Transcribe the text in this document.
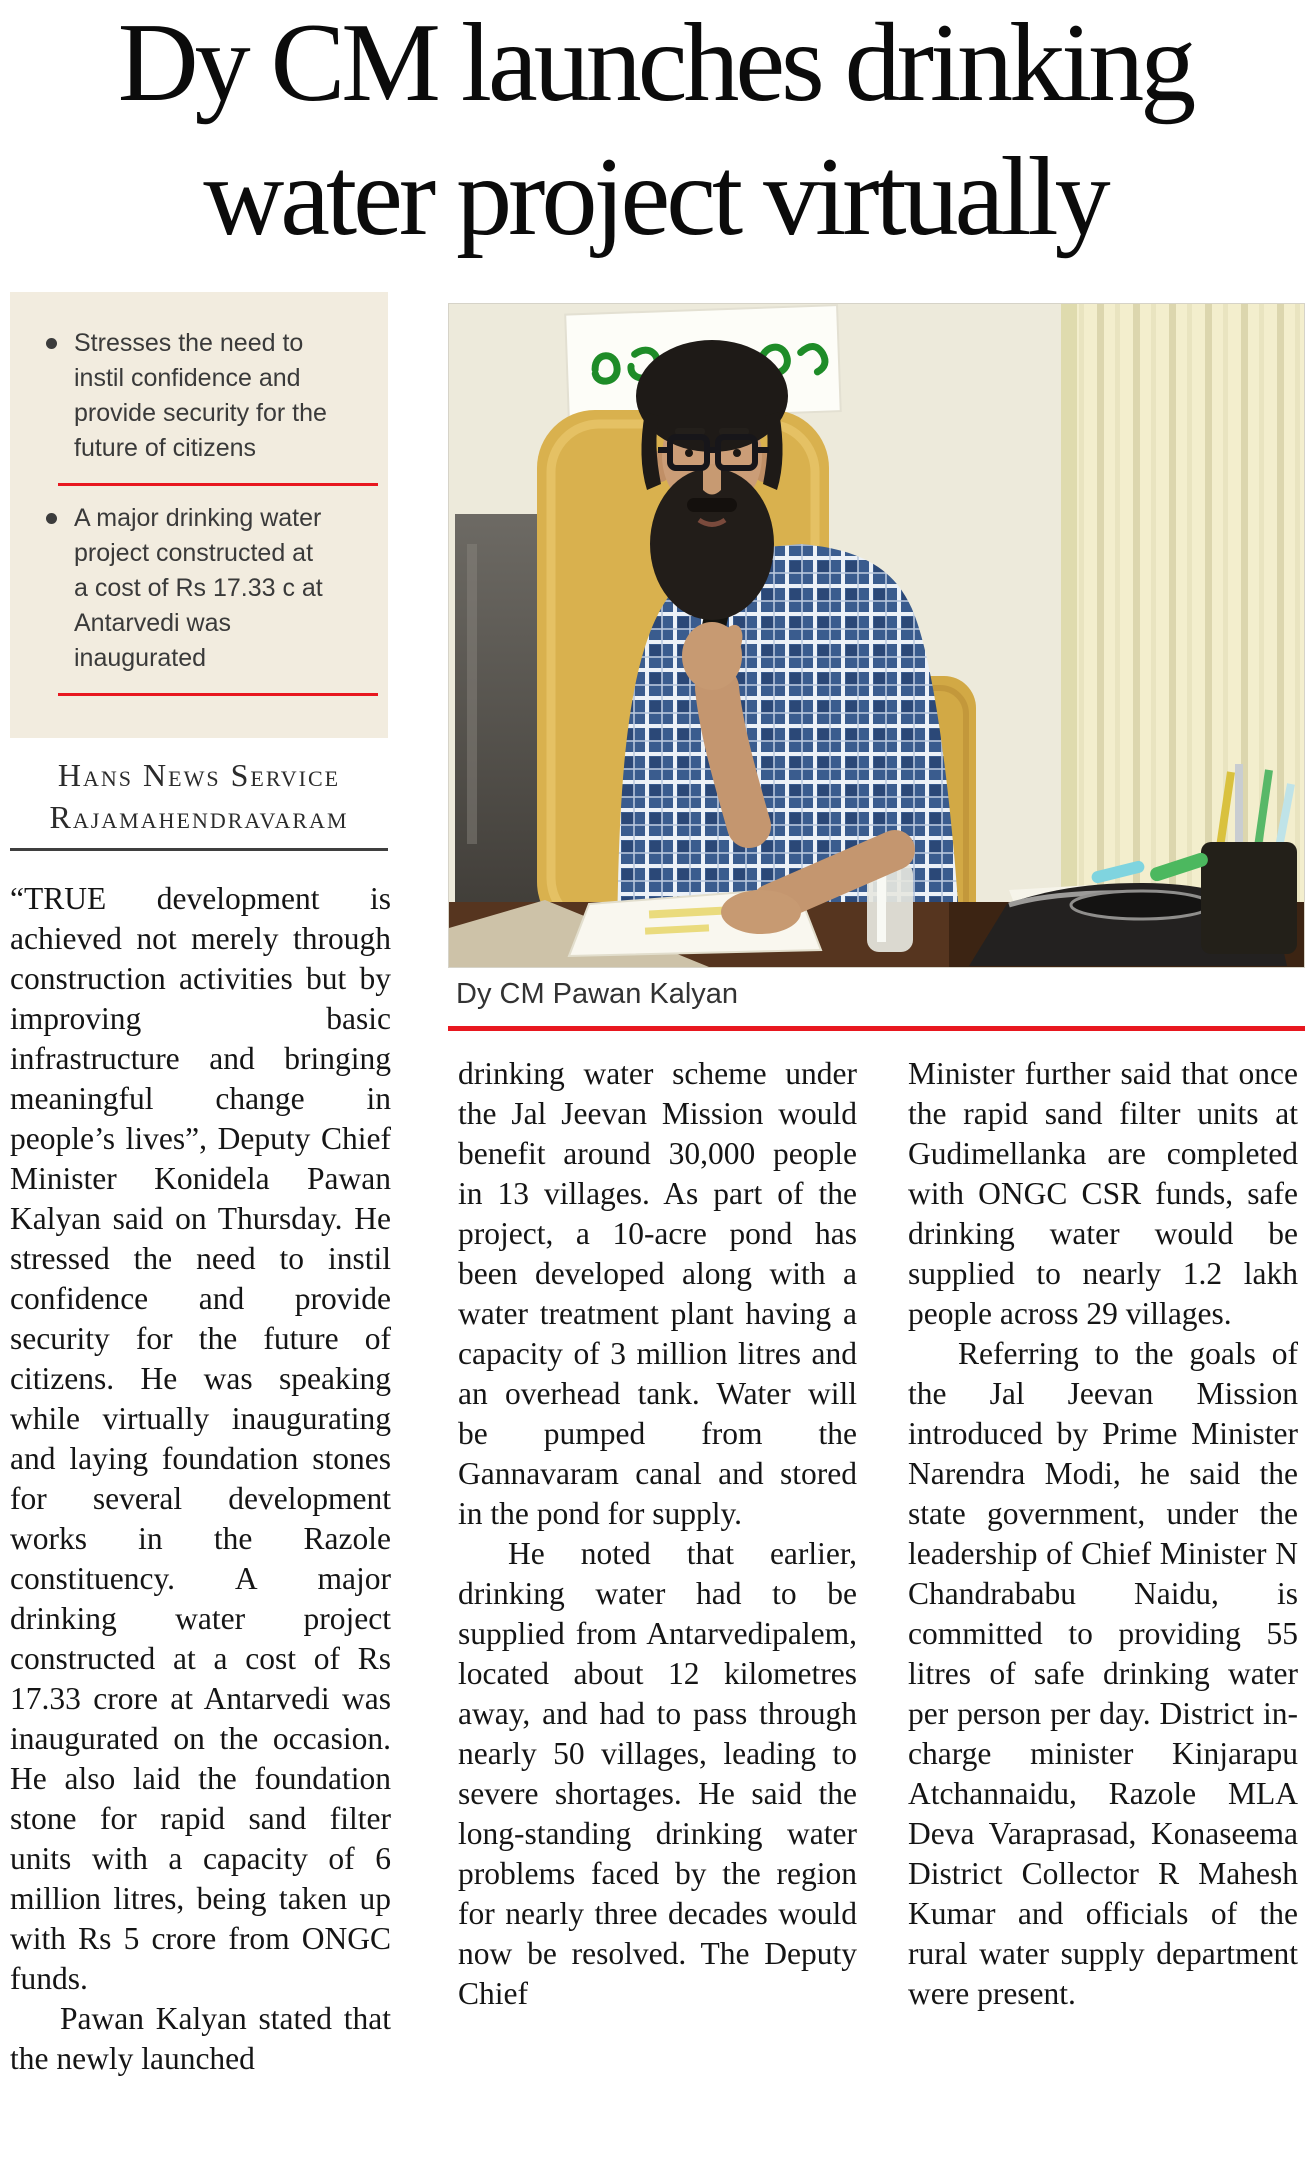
Dy CM launches drinking water project virtually

Stresses the need to instil confidence and provide security for the future of citizens

A major drinking water project constructed at a cost of Rs 17.33 c at Antarvedi was inaugurated

Hans News Service
Rajamahendravaram
Dy CM Pawan Kalyan

“TRUE development is achieved not merely through construction activities but by improving basic infrastructure and bringing meaningful change in people’s lives”, Deputy Chief Minister Konidela Pawan Kalyan said on Thursday. He stressed the need to instil confidence and provide security for the future of citizens. He was speaking while virtually inaugurating and laying foundation stones for several development works in the Razole constituency. A major drinking water project constructed at a cost of Rs 17.33 crore at Antarvedi was inaugurated on the occasion. He also laid the foundation stone for rapid sand filter units with a capacity of 6 million litres, being taken up with Rs 5 crore from ONGC funds.

Pawan Kalyan stated that the newly launched

drinking water scheme under the Jal Jeevan Mission would benefit around 30,000 people in 13 villages. As part of the project, a 10-acre pond has been developed along with a water treatment plant having a capacity of 3 million litres and an overhead tank. Water will be pumped from the Gannavaram canal and stored in the pond for supply.

He noted that earlier, drinking water had to be supplied from Antarvedipalem, located about 12 kilometres away, and had to pass through nearly 50 villages, leading to severe shortages. He said the long-standing drinking water problems faced by the region for nearly three decades would now be resolved. The Deputy Chief

Minister further said that once the rapid sand filter units at Gudimellanka are completed with ONGC CSR funds, safe drinking water would be supplied to nearly 1.2 lakh people across 29 villages.

Referring to the goals of the Jal Jeevan Mission introduced by Prime Minister Narendra Modi, he said the state government, under the leadership of Chief Minister N Chandrababu Naidu, is committed to providing 55 litres of safe drinking water per person per day. District in-charge minister Kinjarapu Atchannaidu, Razole MLA Deva Varaprasad, Konaseema District Collector R Mahesh Kumar and officials of the rural water supply department were present.
